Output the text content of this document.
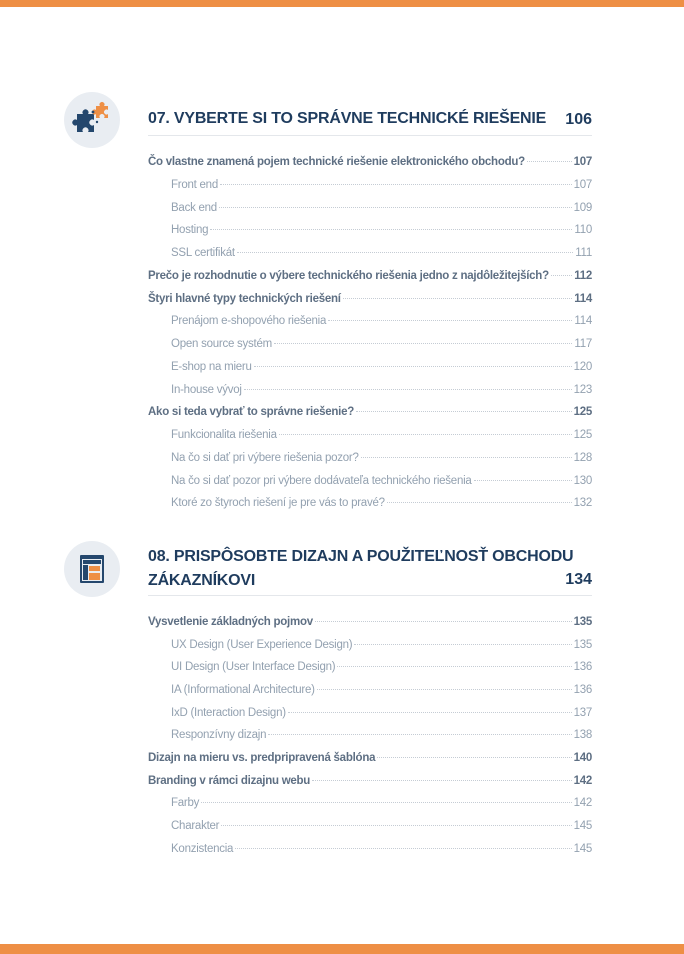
07. VYBERTE SI TO SPRÁVNE TECHNICKÉ RIEŠENIE	106
Čo vlastne znamená pojem technické riešenie elektronického obchodu?	107
Front end	107
Back end	109
Hosting	110
SSL certifikát	111
Prečo je rozhodnutie o výbere technického riešenia jedno z najdôležitejších? 112
Štyri hlavné typy technických riešení	114
Prenájom e-shopového riešenia	114
Open source systém	117
E-shop na mieru	120
In-house vývoj	123
Ako si teda vybrať to správne riešenie?	125
Funkcionalita riešenia	125
Na čo si dať pri výbere riešenia pozor?	128
Na čo si dať pozor pri výbere dodávateľa technického riešenia	130
Ktoré zo štyroch riešení je pre vás to pravé?	132
08. PRISPÔSOBTE DIZAJN A POUŽITEĽNOSŤ OBCHODU
ZÁKAZNÍKOVI	134
Vysvetlenie základných pojmov	135
UX Design (User Experience Design)	135
UI Design (User Interface Design)	136
IA (Informational Architecture)	136
IxD (Interaction Design)	137
Responzívny dizajn	138
Dizajn na mieru vs. predpripravená šablóna	140
Branding v rámci dizajnu webu	142
Farby	142
Charakter	145
Konzistencia	145
